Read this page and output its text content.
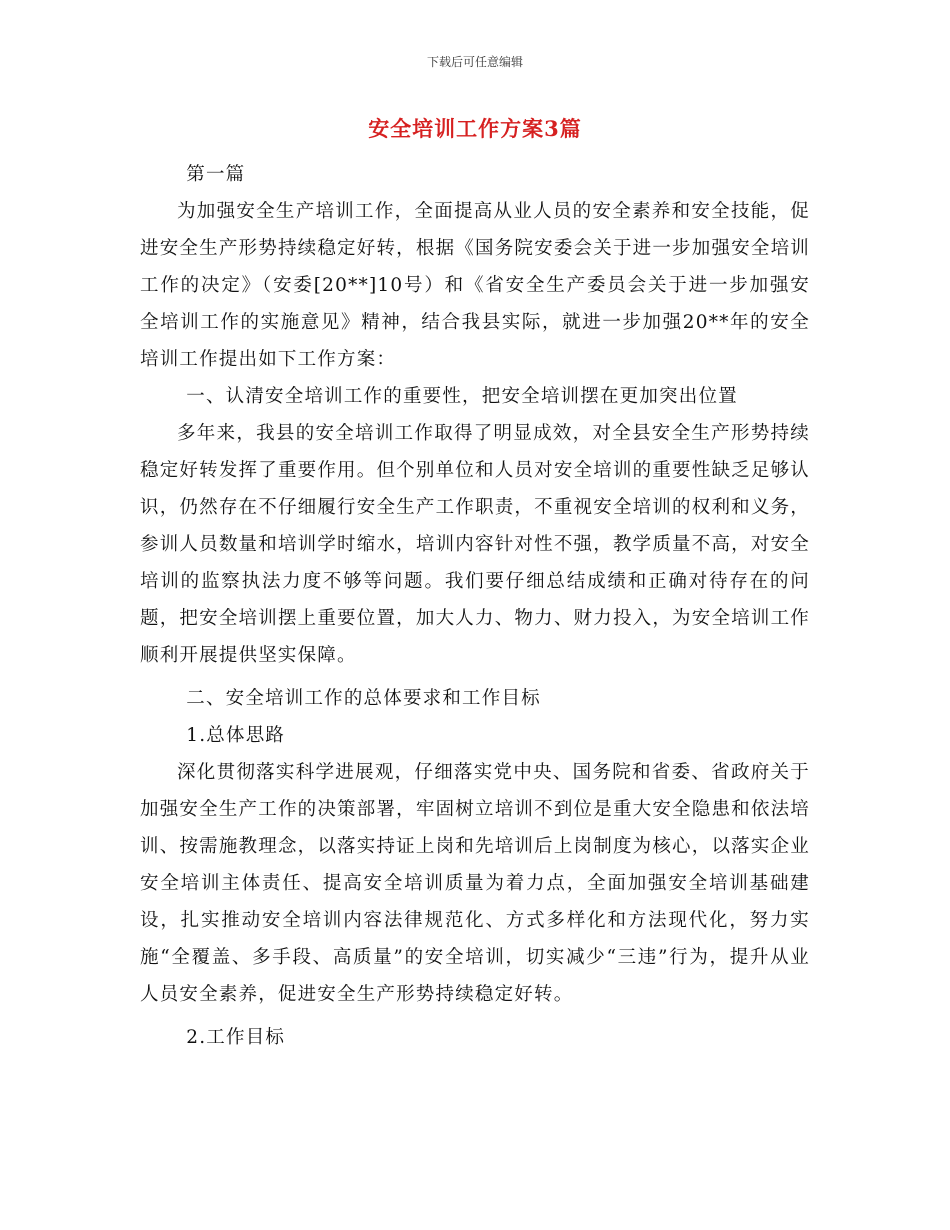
下载后可任意编辑
安全培训工作方案3篇

第一篇

为加强安全生产培训工作，全面提高从业人员的安全素养和安全技能，促进安全生产形势持续稳定好转，根据《国务院安委会关于进一步加强安全培训工作的决定》（安委[20**]10号）和《省安全生产委员会关于进一步加强安全培训工作的实施意见》精神，结合我县实际，就进一步加强20**年的安全培训工作提出如下工作方案：

一、认清安全培训工作的重要性，把安全培训摆在更加突出位置

多年来，我县的安全培训工作取得了明显成效，对全县安全生产形势持续稳定好转发挥了重要作用。但个别单位和人员对安全培训的重要性缺乏足够认识，仍然存在不仔细履行安全生产工作职责，不重视安全培训的权利和义务，参训人员数量和培训学时缩水，培训内容针对性不强，教学质量不高，对安全培训的监察执法力度不够等问题。我们要仔细总结成绩和正确对待存在的问题，把安全培训摆上重要位置，加大人力、物力、财力投入，为安全培训工作顺利开展提供坚实保障。

二、安全培训工作的总体要求和工作目标

1.总体思路

深化贯彻落实科学进展观，仔细落实党中央、国务院和省委、省政府关于加强安全生产工作的决策部署，牢固树立培训不到位是重大安全隐患和依法培训、按需施教理念，以落实持证上岗和先培训后上岗制度为核心，以落实企业安全培训主体责任、提高安全培训质量为着力点，全面加强安全培训基础建设，扎实推动安全培训内容法律规范化、方式多样化和方法现代化，努力实施“全覆盖、多手段、高质量”的安全培训，切实减少“三违”行为，提升从业人员安全素养，促进安全生产形势持续稳定好转。

2.工作目标
